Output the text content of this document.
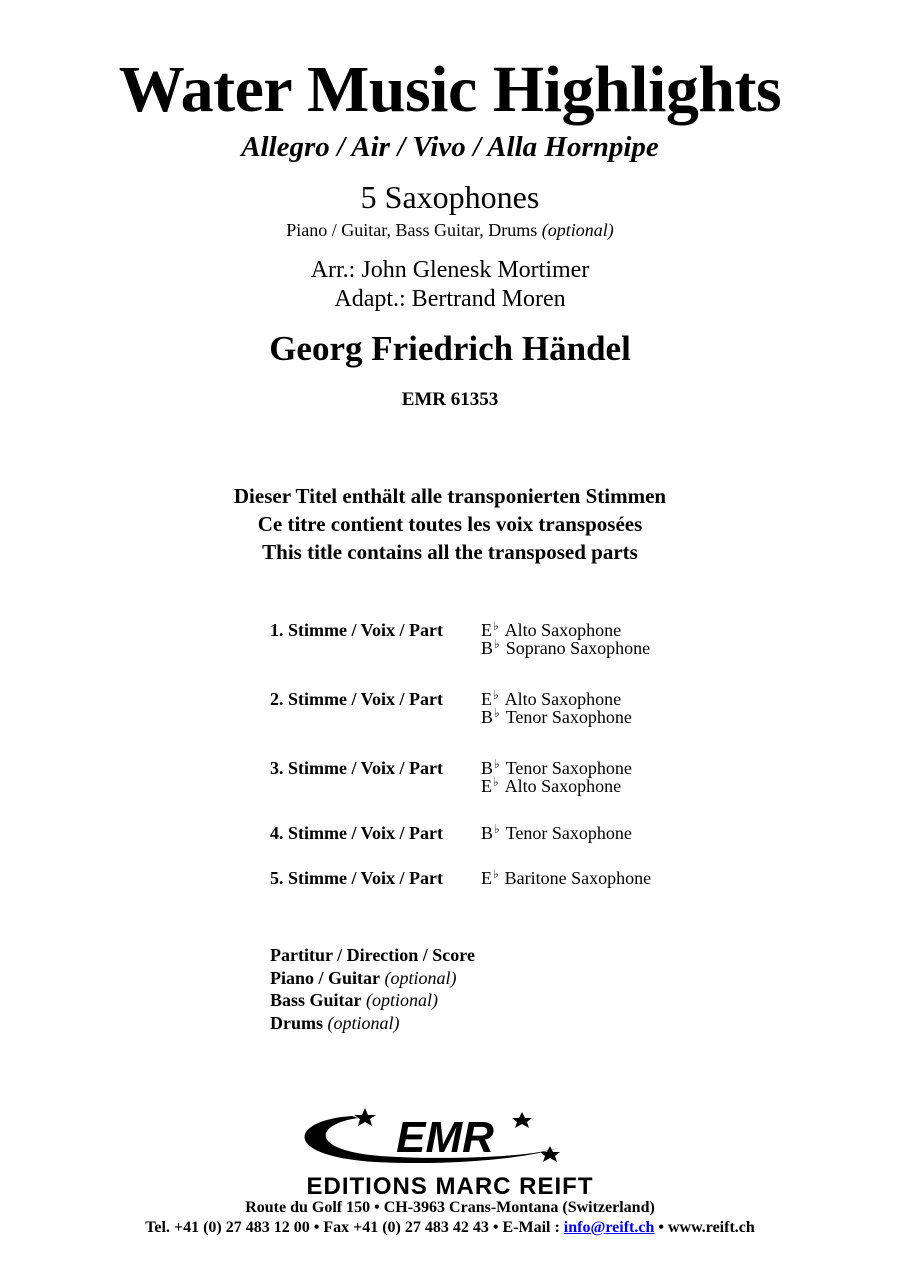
Water Music Highlights
Allegro / Air / Vivo / Alla Hornpipe
5 Saxophones
Piano / Guitar, Bass Guitar, Drums (optional)
Arr.: John Glenesk Mortimer
Adapt.: Bertrand Moren
Georg Friedrich Händel
EMR 61353
Dieser Titel enthält alle transponierten Stimmen
Ce titre contient toutes les voix transposées
This title contains all the transposed parts
1. Stimme / Voix / Part E♭ Alto Saxophone
B♭ Soprano Saxophone
2. Stimme / Voix / Part E♭ Alto Saxophone
B♭ Tenor Saxophone
3. Stimme / Voix / Part B♭ Tenor Saxophone
E♭ Alto Saxophone
4. Stimme / Voix / Part B♭ Tenor Saxophone
5. Stimme / Voix / Part E♭ Baritone Saxophone
Partitur / Direction / Score
Piano / Guitar (optional)
Bass Guitar (optional)
Drums (optional)
EMR
EDITIONS MARC REIFT
Route du Golf 150 • CH-3963 Crans-Montana (Switzerland)
Tel. +41 (0) 27 483 12 00 • Fax +41 (0) 27 483 42 43 • E-Mail : info@reift.ch • www.reift.ch
